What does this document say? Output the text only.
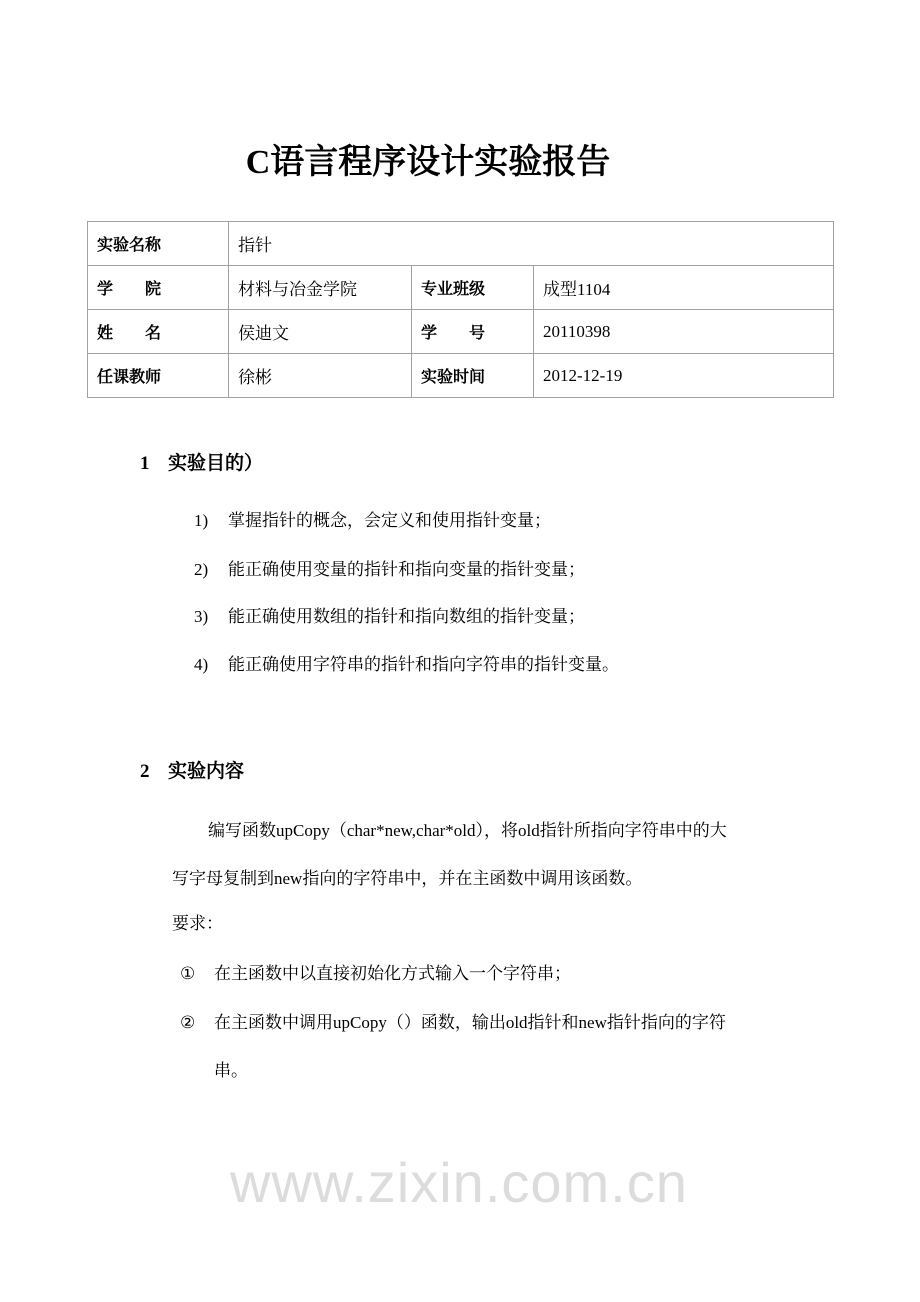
www.zixin.com.cn
C语言程序设计实验报告
实验名称	指针		
学　　院	材料与冶金学院	专业班级	成型1104
姓　　名	侯迪文	学　　号	20110398
任课教师	徐彬	实验时间	2012-12-19
1 实验目的）
1) 掌握指针的概念，会定义和使用指针变量；
2) 能正确使用变量的指针和指向变量的指针变量；
3) 能正确使用数组的指针和指向数组的指针变量；
4) 能正确使用字符串的指针和指向字符串的指针变量。
2 实验内容
编写函数upCopy（char*new,char*old），将old指针所指向字符串中的大
写字母复制到new指向的字符串中，并在主函数中调用该函数。
要求：
① 在主函数中以直接初始化方式输入一个字符串；
② 在主函数中调用upCopy（）函数，输出old指针和new指针指向的字符
串。
